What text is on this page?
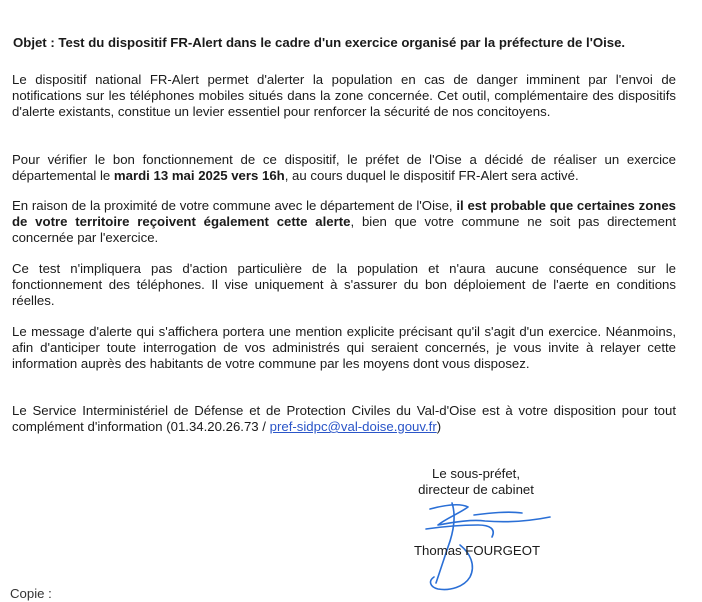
Objet : Test du dispositif FR-Alert dans le cadre d'un exercice organisé par la préfecture de l'Oise.

Le dispositif national FR-Alert permet d'alerter la population en cas de danger imminent par l'envoi de notifications sur les téléphones mobiles situés dans la zone concernée. Cet outil, complémentaire des dispositifs d'alerte existants, constitue un levier essentiel pour renforcer la sécurité de nos concitoyens.

Pour vérifier le bon fonctionnement de ce dispositif, le préfet de l'Oise a décidé de réaliser un exercice départemental le mardi 13 mai 2025 vers 16h, au cours duquel le dispositif FR-Alert sera activé.

En raison de la proximité de votre commune avec le département de l'Oise, il est probable que certaines zones de votre territoire reçoivent également cette alerte, bien que votre commune ne soit pas directement concernée par l'exercice.

Ce test n'impliquera pas d'action particulière de la population et n'aura aucune conséquence sur le fonctionnement des téléphones. Il vise uniquement à s'assurer du bon déploiement de l'aerte en conditions réelles.

Le message d'alerte qui s'affichera portera une mention explicite précisant qu'il s'agit d'un exercice. Néanmoins, afin d'anticiper toute interrogation de vos administrés qui seraient concernés, je vous invite à relayer cette information auprès des habitants de votre commune par les moyens dont vous disposez.

Le Service Interministériel de Défense et de Protection Civiles du Val-d'Oise est à votre disposition pour tout complément d'information (01.34.20.26.73 / pref-sidpc@val-doise.gouv.fr)

Le sous-préfet,
directeur de cabinet
Thomas FOURGEOT
Copie :
